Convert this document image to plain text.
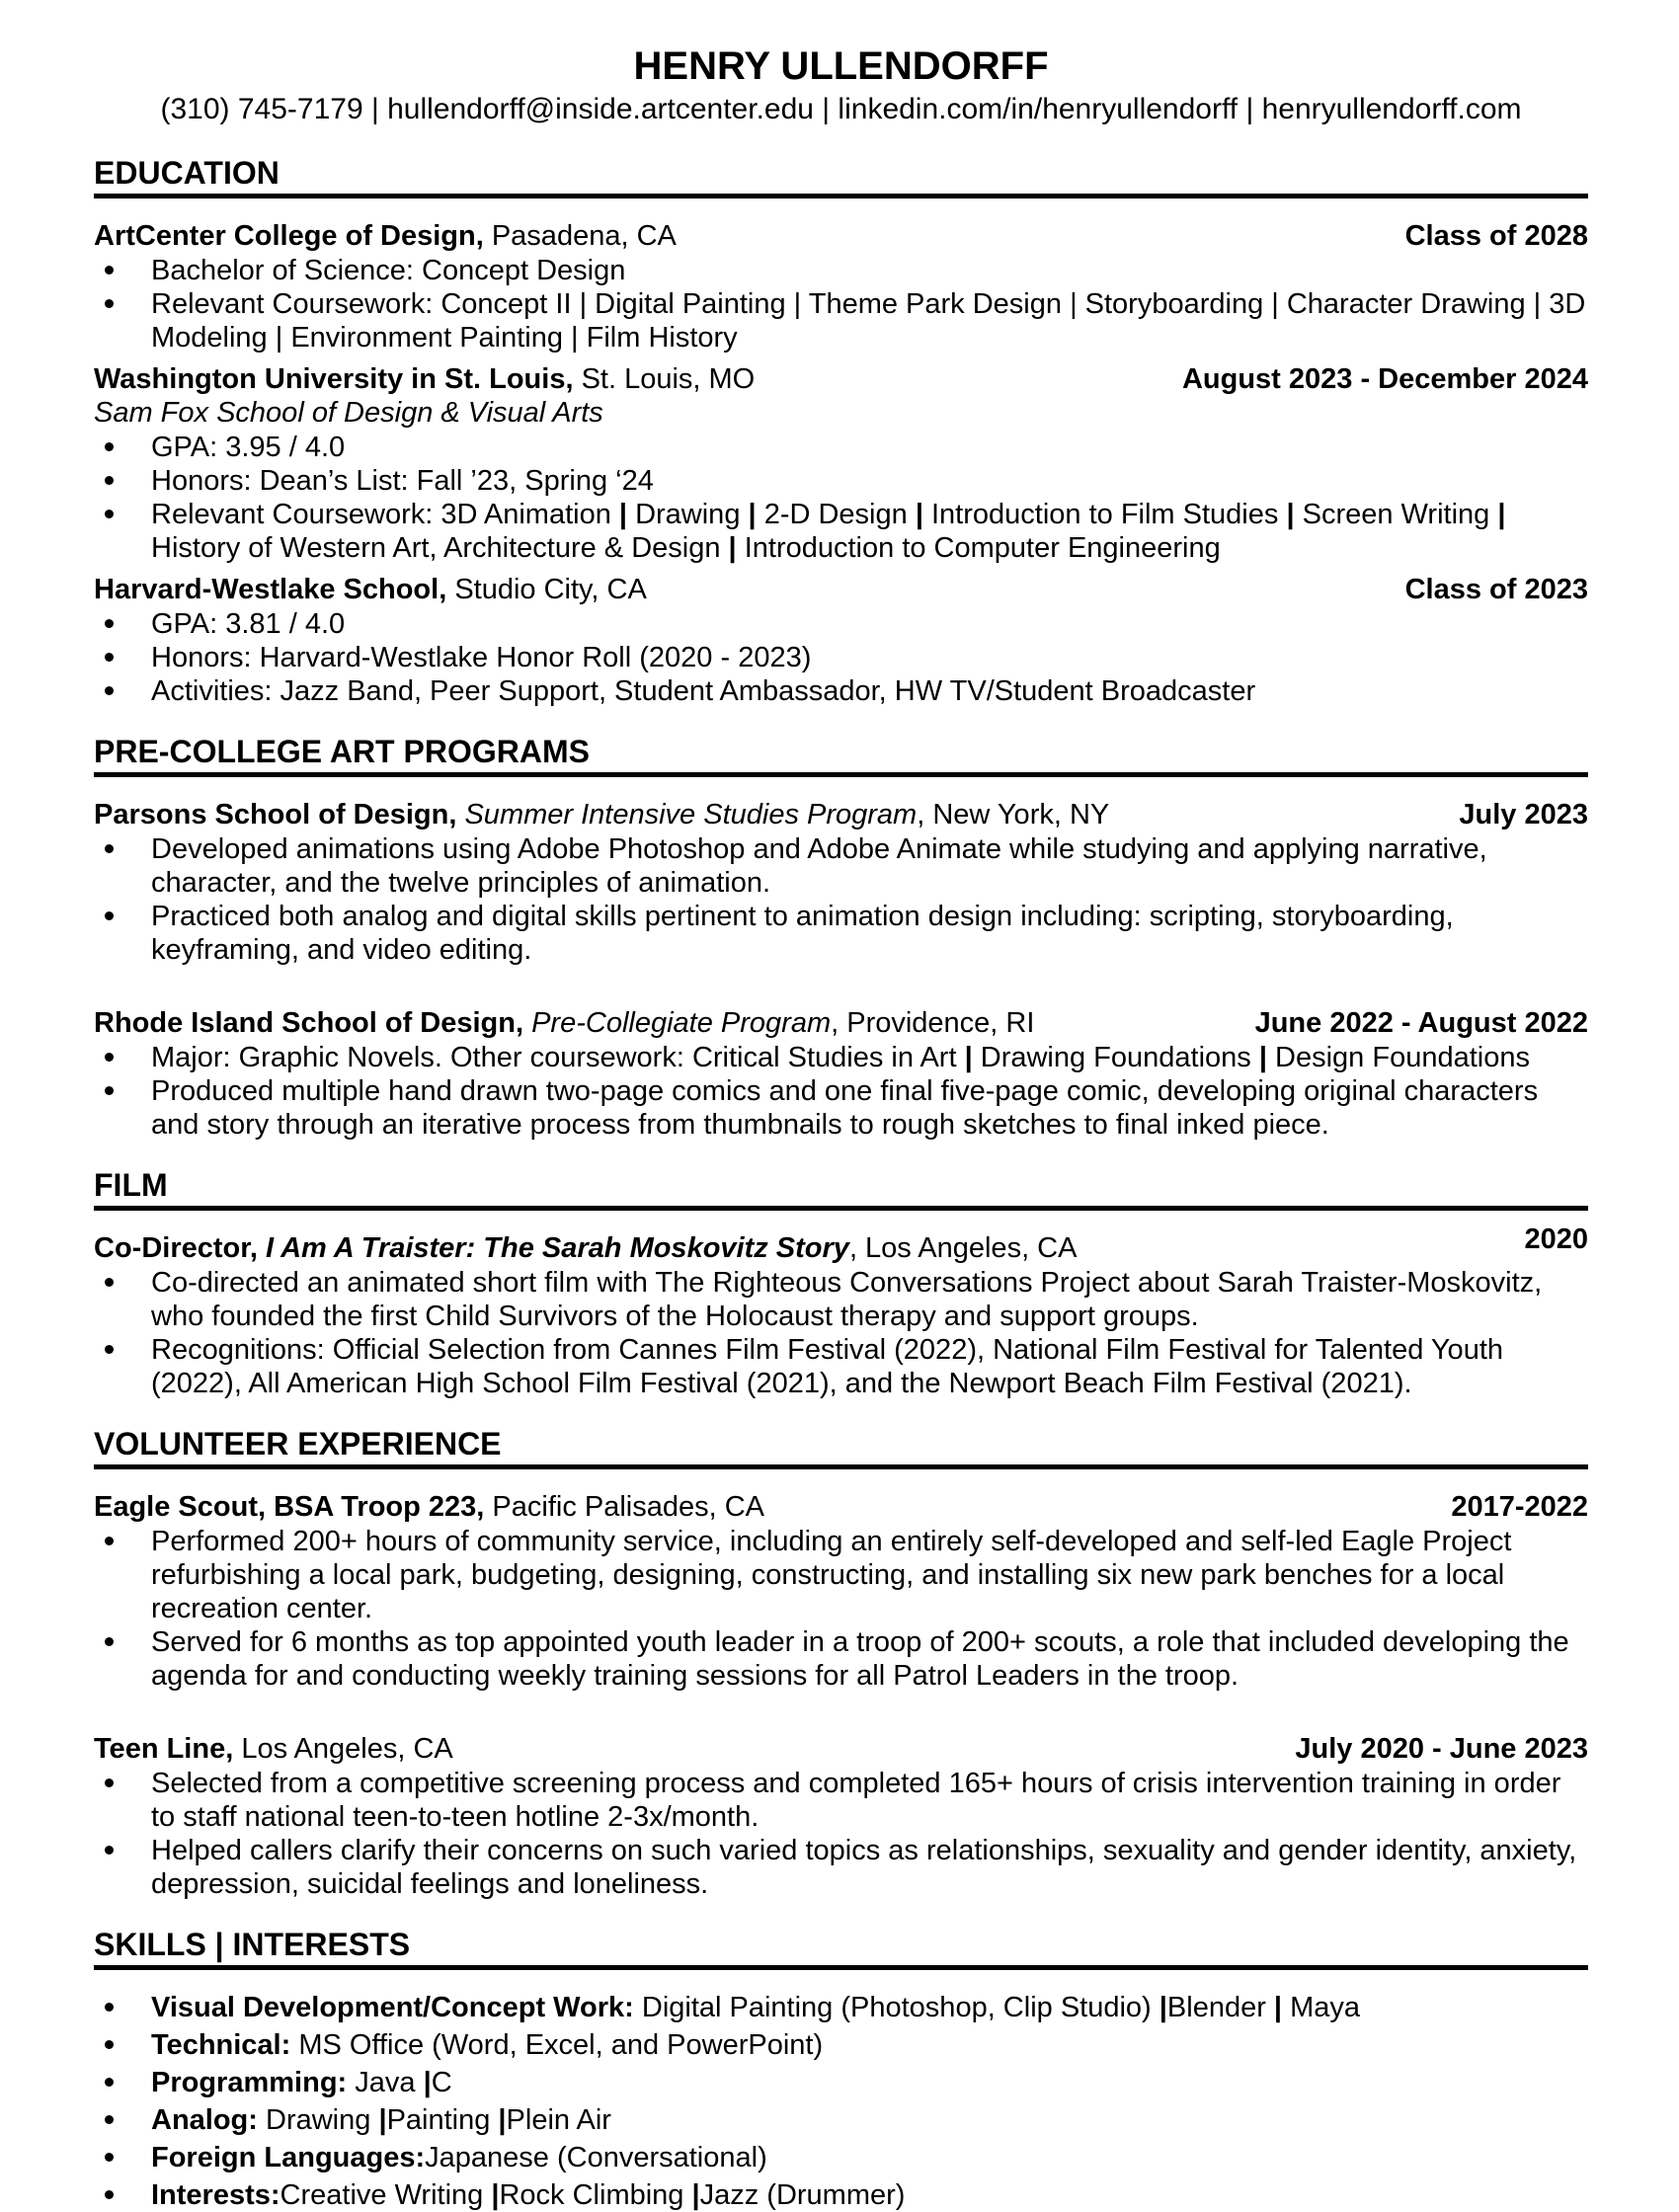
HENRY ULLENDORFF
(310) 745-7179 | hullendorff@inside.artcenter.edu | linkedin.com/in/henryullendorff | henryullendorff.com
EDUCATION
ArtCenter College of Design, Pasadena, CA	Class of 2028
Bachelor of Science: Concept Design
Relevant Coursework: Concept II | Digital Painting | Theme Park Design | Storyboarding | Character Drawing | 3D Modeling | Environment Painting | Film History
Washington University in St. Louis, St. Louis, MO	August 2023 - December 2024
Sam Fox School of Design & Visual Arts
GPA: 3.95 / 4.0
Honors: Dean’s List: Fall ’23, Spring ‘24
Relevant Coursework: 3D Animation | Drawing | 2-D Design | Introduction to Film Studies | Screen Writing | History of Western Art, Architecture & Design | Introduction to Computer Engineering
Harvard-Westlake School, Studio City, CA	Class of 2023
GPA: 3.81 / 4.0
Honors: Harvard-Westlake Honor Roll (2020 - 2023)
Activities: Jazz Band, Peer Support, Student Ambassador, HW TV/Student Broadcaster
PRE-COLLEGE ART PROGRAMS
Parsons School of Design, Summer Intensive Studies Program, New York, NY	July 2023
Developed animations using Adobe Photoshop and Adobe Animate while studying and applying narrative, character, and the twelve principles of animation.
Practiced both analog and digital skills pertinent to animation design including: scripting, storyboarding, keyframing, and video editing.
Rhode Island School of Design, Pre-Collegiate Program, Providence, RI	June 2022 - August 2022
Major: Graphic Novels. Other coursework: Critical Studies in Art | Drawing Foundations | Design Foundations
Produced multiple hand drawn two-page comics and one final five-page comic, developing original characters and story through an iterative process from thumbnails to rough sketches to final inked piece.
FILM
Co-Director, I Am A Traister: The Sarah Moskovitz Story, Los Angeles, CA	2020
Co-directed an animated short film with The Righteous Conversations Project about Sarah Traister-Moskovitz, who founded the first Child Survivors of the Holocaust therapy and support groups.
Recognitions: Official Selection from Cannes Film Festival (2022), National Film Festival for Talented Youth (2022), All American High School Film Festival (2021), and the Newport Beach Film Festival (2021).
VOLUNTEER EXPERIENCE
Eagle Scout, BSA Troop 223, Pacific Palisades, CA	2017-2022
Performed 200+ hours of community service, including an entirely self-developed and self-led Eagle Project refurbishing a local park, budgeting, designing, constructing, and installing six new park benches for a local recreation center.
Served for 6 months as top appointed youth leader in a troop of 200+ scouts, a role that included developing the agenda for and conducting weekly training sessions for all Patrol Leaders in the troop.
Teen Line, Los Angeles, CA	July 2020 - June 2023
Selected from a competitive screening process and completed 165+ hours of crisis intervention training in order to staff national teen-to-teen hotline 2-3x/month.
Helped callers clarify their concerns on such varied topics as relationships, sexuality and gender identity, anxiety, depression, suicidal feelings and loneliness.
SKILLS | INTERESTS
Visual Development/Concept Work: Digital Painting (Photoshop, Clip Studio) |Blender | Maya
Technical: MS Office (Word, Excel, and PowerPoint)
Programming: Java |C
Analog: Drawing |Painting |Plein Air
Foreign Languages:Japanese (Conversational)
Interests:Creative Writing |Rock Climbing |Jazz (Drummer)
